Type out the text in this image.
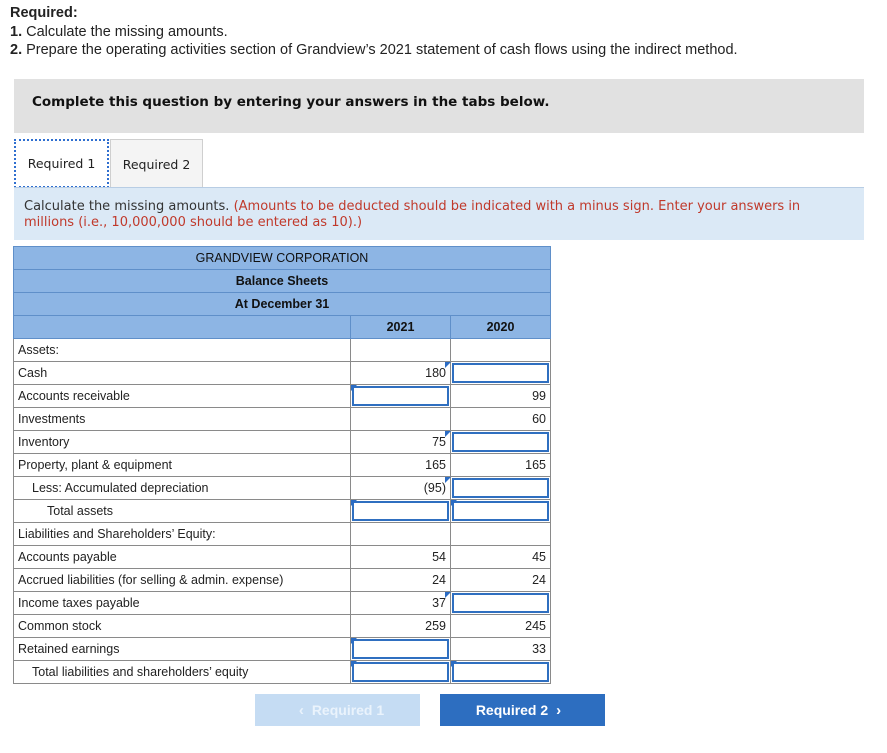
Required:
1. Calculate the missing amounts.
2. Prepare the operating activities section of Grandview’s 2021 statement of cash flows using the indirect method.
Complete this question by entering your answers in the tabs below.
Required 1	Required 2
Calculate the missing amounts. (Amounts to be deducted should be indicated with a minus sign. Enter your answers in millions (i.e., 10,000,000 should be entered as 10).)
GRANDVIEW CORPORATION		
Balance Sheets		
At December 31		
	2021	2020
Assets:		
Cash	180	

Accounts receivable		99
Investments		60
Inventory	75	

Property, plant & equipment	165	165
Less: Accumulated depreciation	(95)	

Total assets	

Liabilities and Shareholders’ Equity:		
Accounts payable	54	45
Accrued liabilities (for selling & admin. expense)	24	24
Income taxes payable	37	

Common stock	259	245
Retained earnings		33
Total liabilities and shareholders’ equity	

‹ Required 1	Required 2 ›
